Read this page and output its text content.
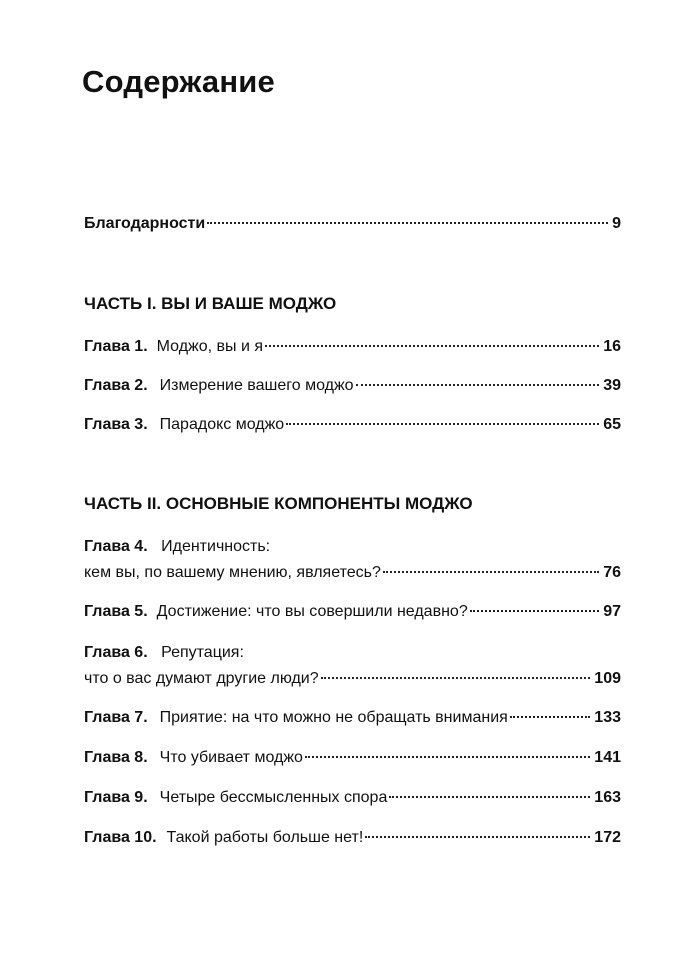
Содержание
Благодарности	9
ЧАСТЬ I. ВЫ И ВАШЕ МОДЖО
Глава 1. Моджо, вы и я	16
Глава 2. Измерение вашего моджо	39
Глава 3. Парадокс моджо	65
ЧАСТЬ II. ОСНОВНЫЕ КОМПОНЕНТЫ МОДЖО
Глава 4. Идентичность:
кем вы, по вашему мнению, являетесь?	76
Глава 5. Достижение: что вы совершили недавно?	97
Глава 6. Репутация:
что о вас думают другие люди?	109
Глава 7. Приятие: на что можно не обращать внимания	133
Глава 8. Что убивает моджо	141
Глава 9. Четыре бессмысленных спора	163
Глава 10. Такой работы больше нет!	172
